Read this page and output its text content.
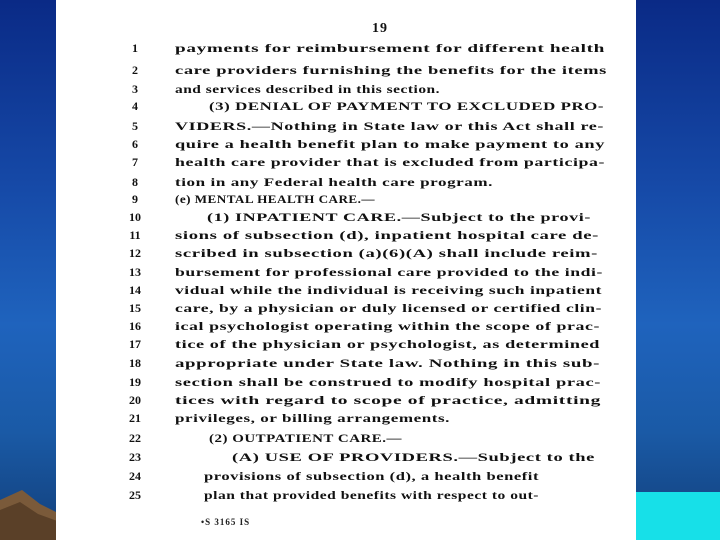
19
1	payments for reimbursement for different health
2	care providers furnishing the benefits for the items
3	and services described in this section.
4	(3) DENIAL OF PAYMENT TO EXCLUDED PRO-
5	VIDERS.—Nothing in State law or this Act shall re-
6	quire a health benefit plan to make payment to any
7	health care provider that is excluded from participa-
8	tion in any Federal health care program.
9	(e) MENTAL HEALTH CARE.—
10	(1) INPATIENT CARE.—Subject to the provi-
11	sions of subsection (d), inpatient hospital care de-
12	scribed in subsection (a)(6)(A) shall include reim-
13	bursement for professional care provided to the indi-
14	vidual while the individual is receiving such inpatient
15	care, by a physician or duly licensed or certified clin-
16	ical psychologist operating within the scope of prac-
17	tice of the physician or psychologist, as determined
18	appropriate under State law. Nothing in this sub-
19	section shall be construed to modify hospital prac-
20	tices with regard to scope of practice, admitting
21	privileges, or billing arrangements.
22	(2) OUTPATIENT CARE.—
23	(A) USE OF PROVIDERS.—Subject to the
24	provisions of subsection (d), a health benefit
25	plan that provided benefits with respect to out-
•S 3165 IS
